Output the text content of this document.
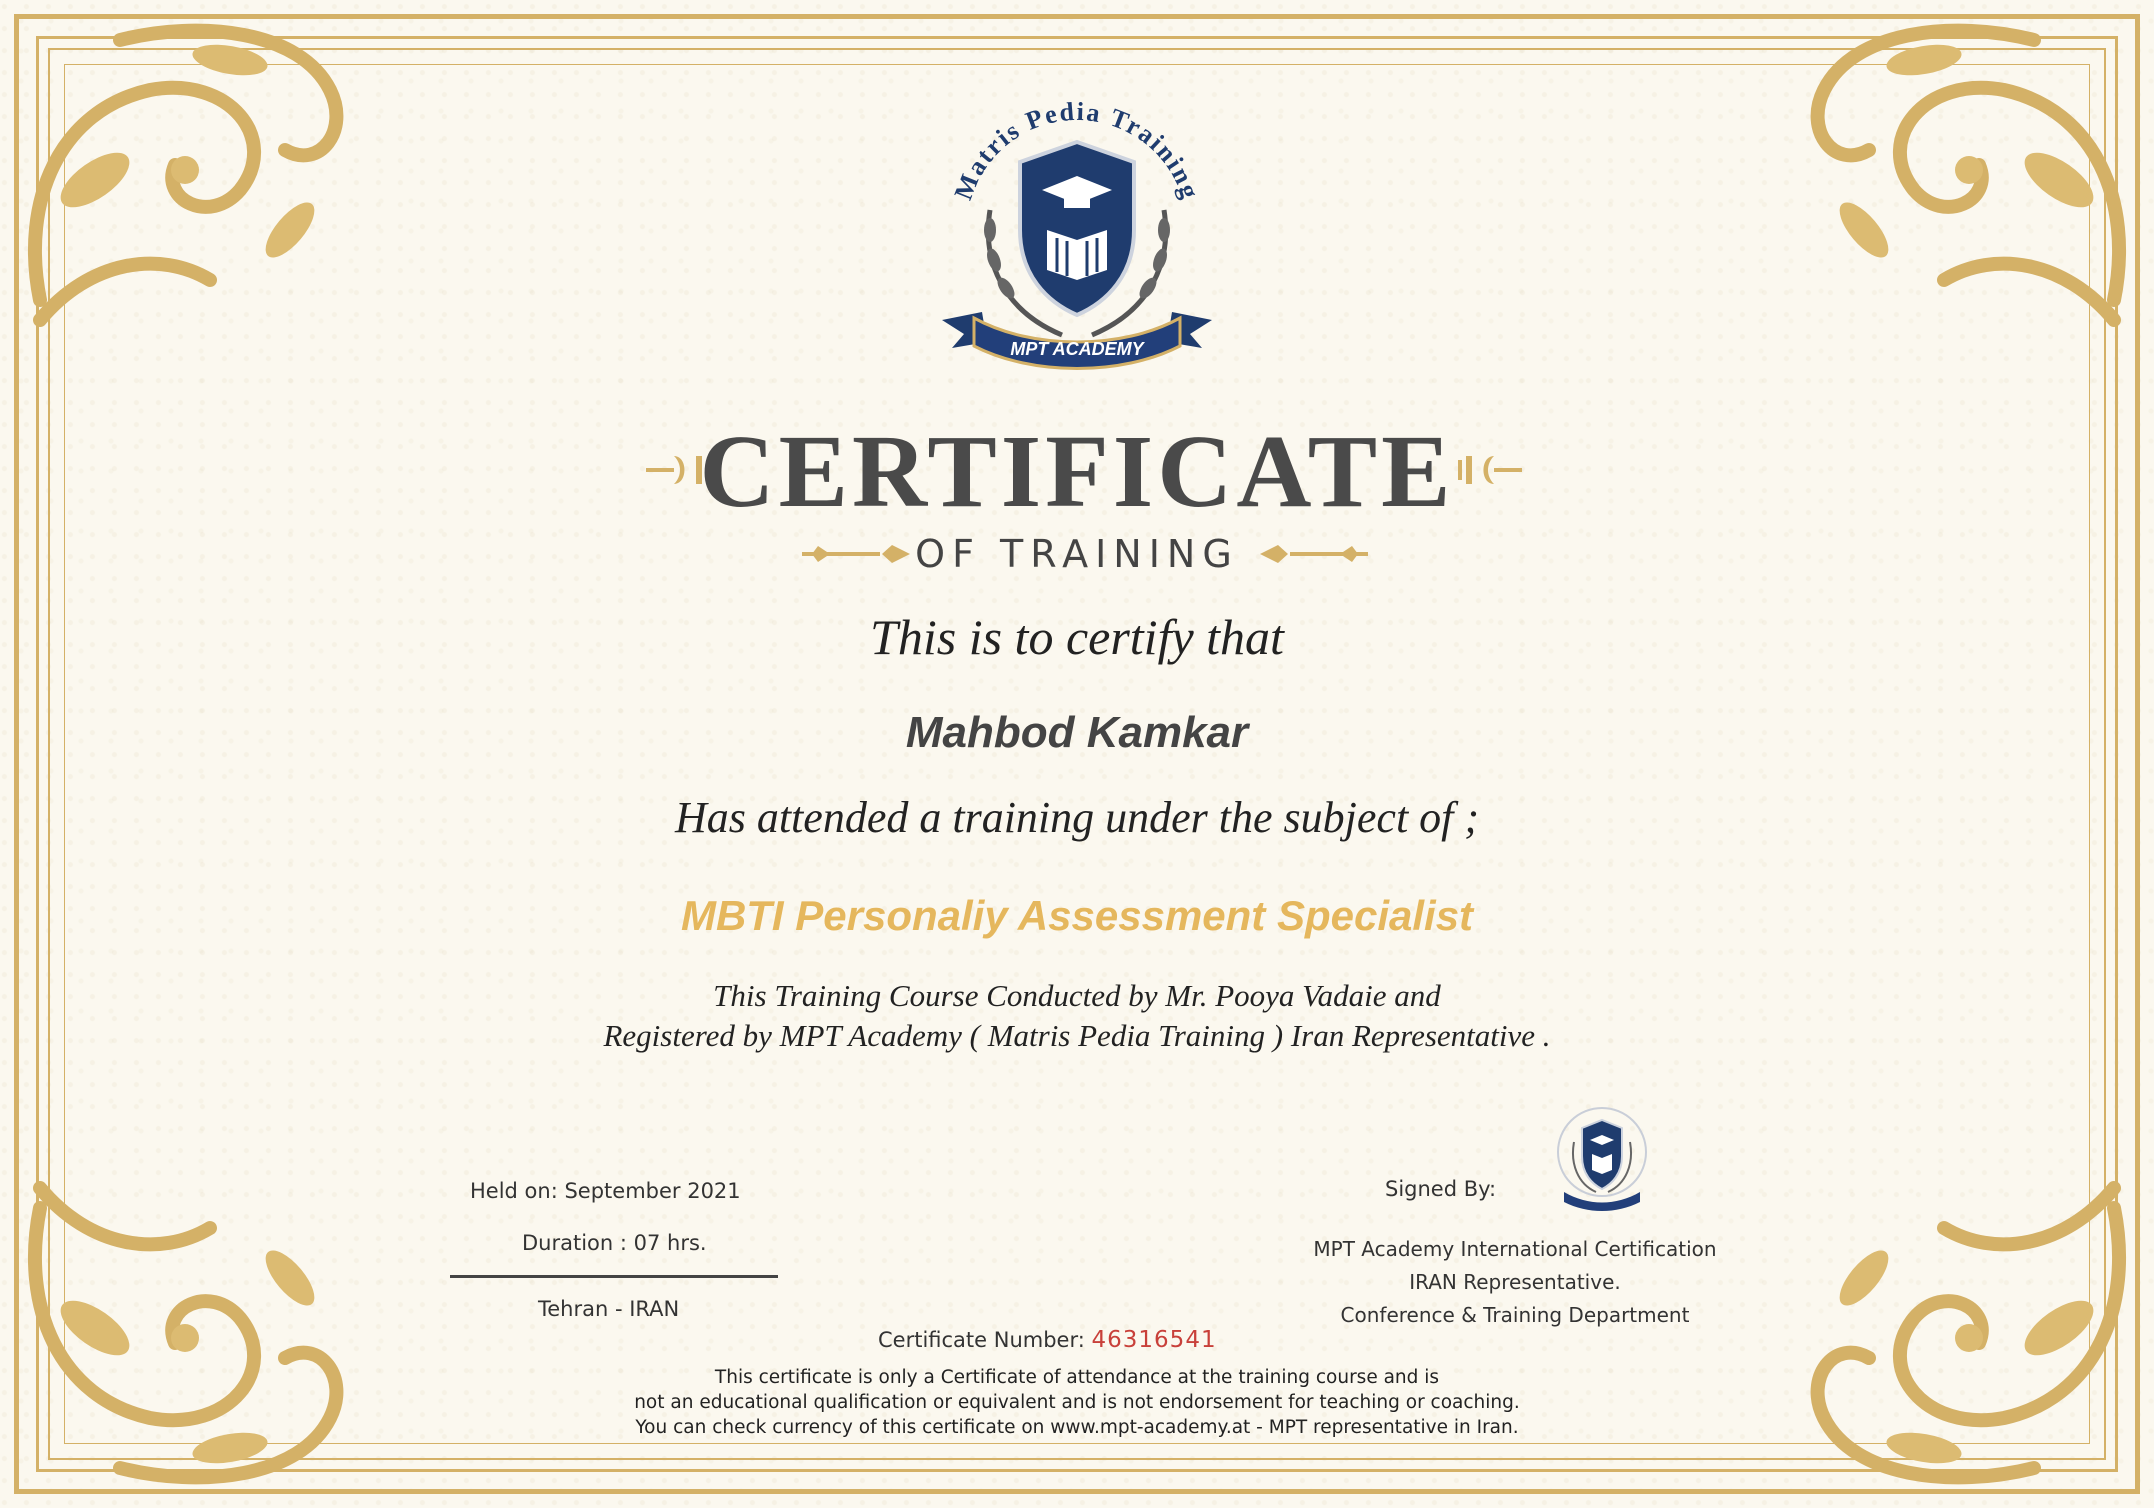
Matris Pedia Training
MPT ACADEMY
CERTIFICATE
OF TRAINING
This is to certify that
Mahbod Kamkar
Has attended a training under the subject of ;
MBTI Personaliy Assessment Specialist
This Training Course Conducted by Mr. Pooya Vadaie and
Registered by MPT Academy ( Matris Pedia Training ) Iran Representative .
Held on: September 2021
Duration : 07 hrs.
Tehran - IRAN
Signed By:
MPT Academy International Certification
IRAN Representative.
Conference & Training Department
Certificate Number: 46316541
This certificate is only a Certificate of attendance at the training course and is
not an educational qualification or equivalent and is not endorsement for teaching or coaching.
You can check currency of this certificate on www.mpt-academy.at - MPT representative in Iran.
